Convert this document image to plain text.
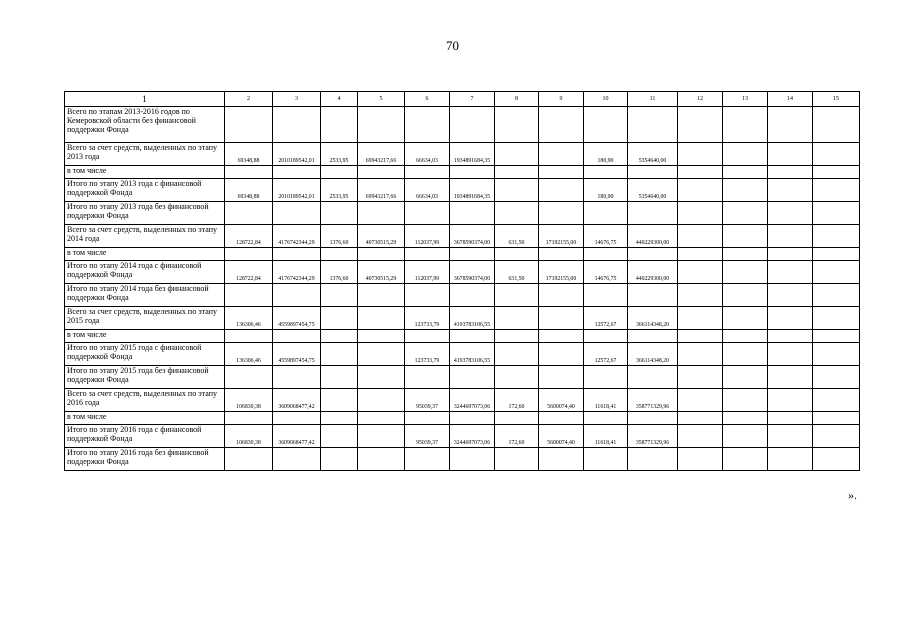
70
1	2	3	4	5	6	7	8	9	10	11	12	13	14	15
Всего по этапам 2013-2016 годов по Кемеровской области без финансовой поддержки Фонда														
Всего за счет средств, выделенных по этапу 2013 года	69348,88	2010189542,01	2533,95	69943217,66	66634,03	1934891684,35			180,90	5354640,00				
в том числе														
Итого по этапу 2013 года с финансовой поддержкой Фонда	69348,88	2010189542,01	2533,95	69943217,66	66634,03	1934891684,35			180,90	5354640,00				
Итого по этапу 2013 года без финансовой поддержки Фонда														
Всего за счет средств, выделенных по этапу 2014 года	128722,84	4176742344,29	1376,60	40730515,29	112037,99	3678590374,00	631,50	17192155,00	14676,75	440229300,00				
в том числе														
Итого по этапу 2014 года с финансовой поддержкой Фонда	128722,84	4176742344,29	1376,60	40730515,29	112037,99	3678590374,00	631,50	17192155,00	14676,75	440229300,00				
Итого по этапу 2014 года без финансовой поддержки Фонда														
Всего за счет средств, выделенных по этапу 2015 года	136306,46	4559897454,75			123733,79	4193783106,55			12572,67	366114348,20				
в том числе														
Итого по этапу 2015 года с финансовой поддержкой Фонда	136306,46	4559897454,75			123733,79	4193783106,55			12572,67	366114348,20				
Итого по этапу 2015 года без финансовой поддержки Фонда														
Всего за счет средств, выделенных по этапу 2016 года	106830,38	3609068477,42			95039,37	3244697073,06	172,60	5600074,40	11618,41	358771329,96				
в том числе														
Итого по этапу 2016 года с финансовой поддержкой Фонда	106830,38	3609068477,42			95039,37	3244697073,06	172,60	5600074,40	11618,41	358771329,96				
Итого по этапу 2016 года без финансовой поддержки Фонда														
».
